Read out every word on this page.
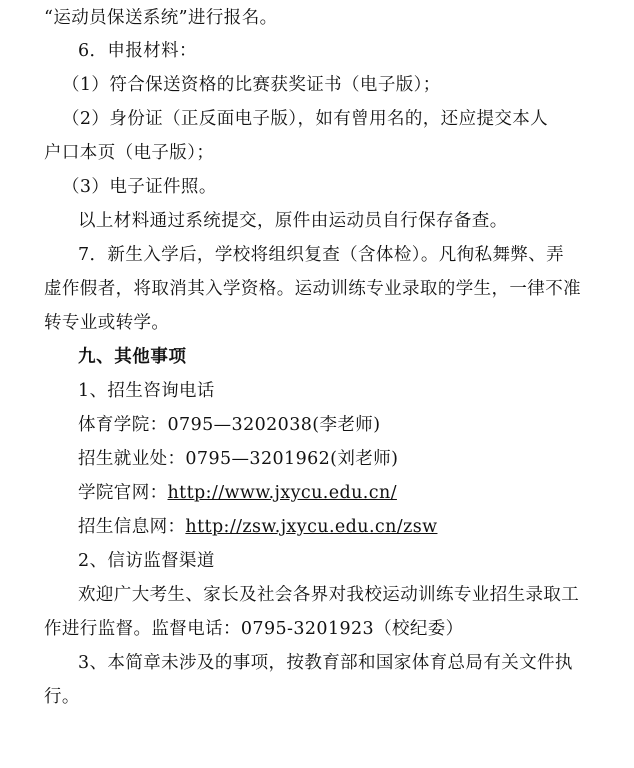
“运动员保送系统”进行报名。
6．申报材料：
（1）符合保送资格的比赛获奖证书（电子版）；
（2）身份证（正反面电子版），如有曾用名的，还应提交本人
户口本页（电子版）；
（3）电子证件照。
以上材料通过系统提交，原件由运动员自行保存备查。
7．新生入学后，学校将组织复查（含体检）。凡徇私舞弊、弄
虚作假者，将取消其入学资格。运动训练专业录取的学生，一律不准
转专业或转学。
九、其他事项
1、招生咨询电话
体育学院：0795—3202038(李老师)
招生就业处：0795—3201962(刘老师)
学院官网：http://www.jxycu.edu.cn/
招生信息网：http://zsw.jxycu.edu.cn/zsw
2、信访监督渠道
欢迎广大考生、家长及社会各界对我校运动训练专业招生录取工
作进行监督。监督电话：0795-3201923（校纪委）
3、本简章未涉及的事项，按教育部和国家体育总局有关文件执
行。
